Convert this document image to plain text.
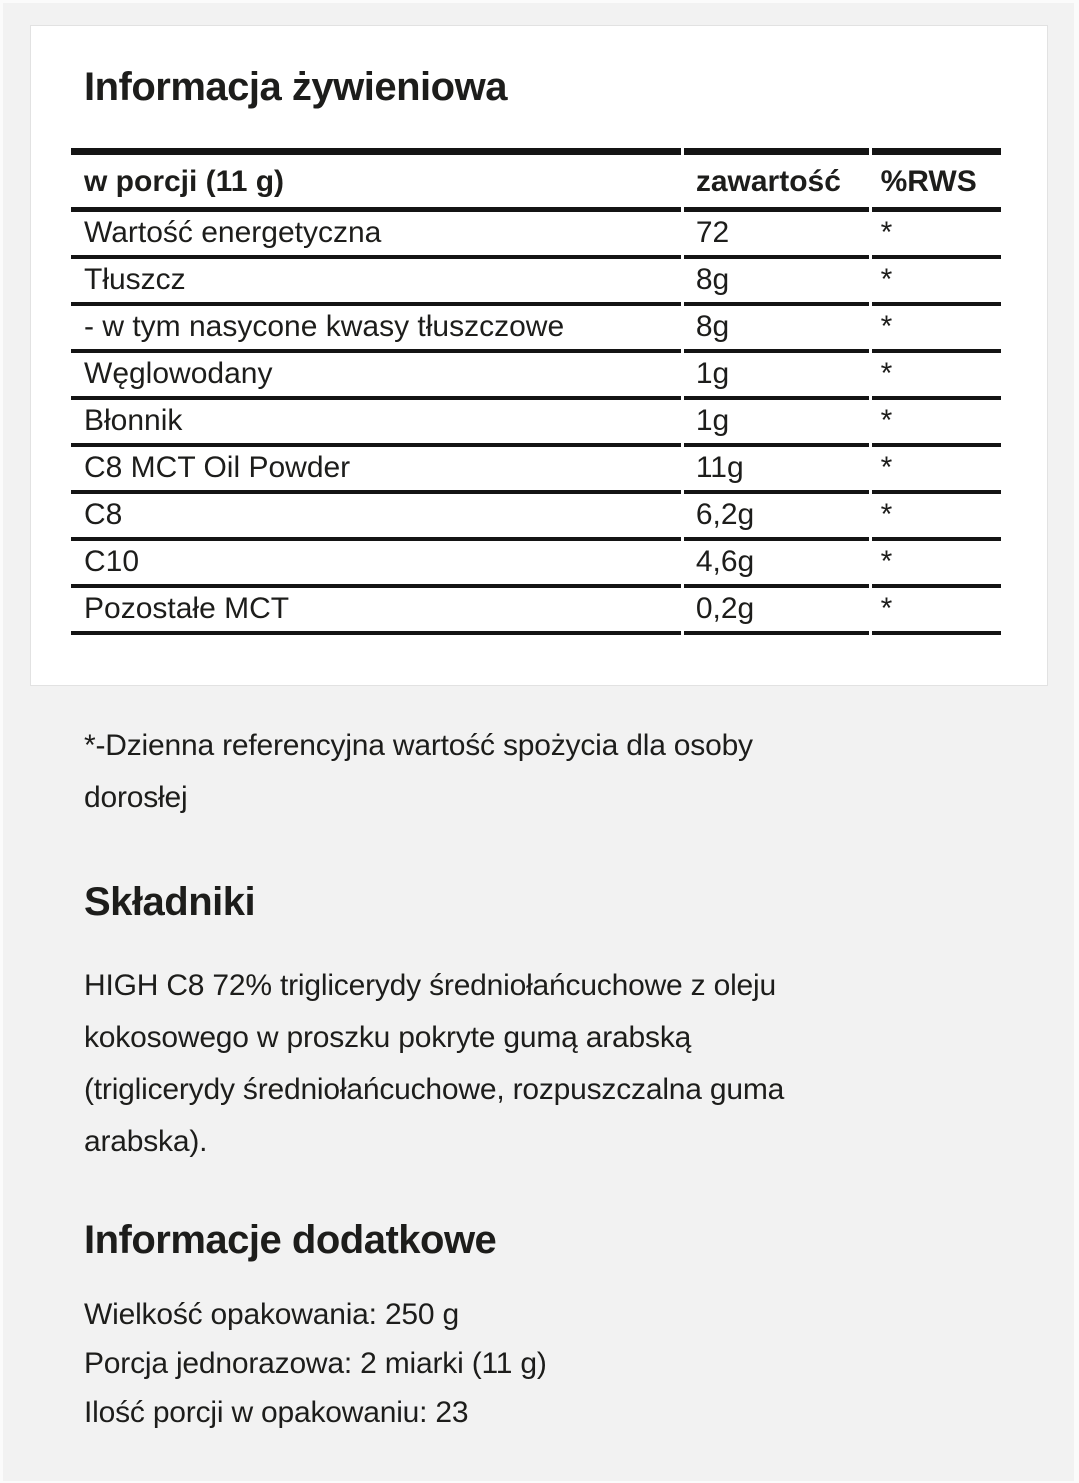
Informacja żywieniowa
w porcji (11 g)	zawartość	%RWS
Wartość energetyczna	72	*
Tłuszcz	8g	*
- w tym nasycone kwasy tłuszczowe	8g	*
Węglowodany	1g	*
Błonnik	1g	*
C8 MCT Oil Powder	11g	*
C8	6,2g	*
C10	4,6g	*
Pozostałe MCT	0,2g	*
*-Dzienna referencyjna wartość spożycia dla osoby
dorosłej
Składniki
HIGH C8 72% triglicerydy średniołańcuchowe z oleju
kokosowego w proszku pokryte gumą arabską
(triglicerydy średniołańcuchowe, rozpuszczalna guma
arabska).
Informacje dodatkowe
Wielkość opakowania: 250 g
Porcja jednorazowa: 2 miarki (11 g)
Ilość porcji w opakowaniu: 23
